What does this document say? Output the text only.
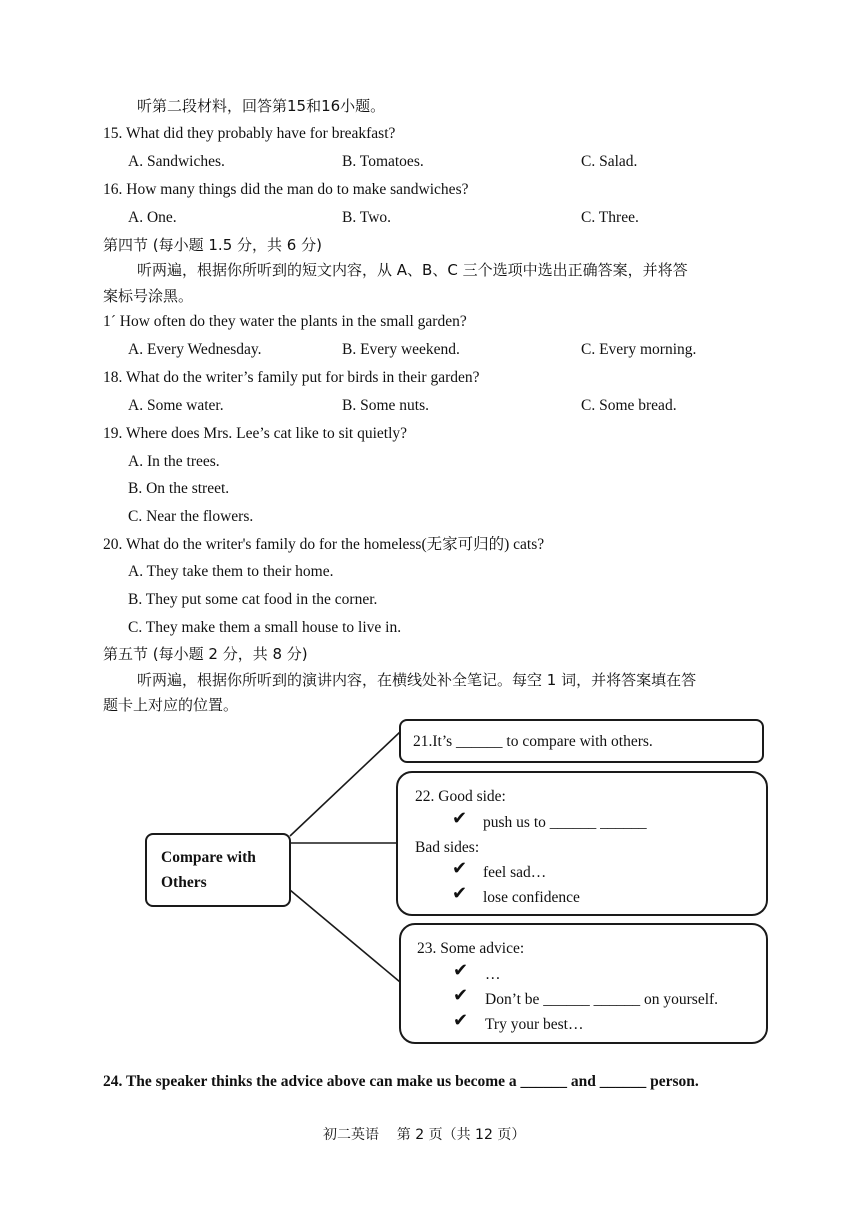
听第二段材料，回答第15和16小题。
15. What did they probably have for breakfast?
A. Sandwiches.	B. Tomatoes.	C. Salad.
16. How many things did the man do to make sandwiches?
A. One.	B. Two.	C. Three.
第四节 (每小题 1.5 分，共 6 分)
听两遍，根据你所听到的短文内容，从 A、B、C 三个选项中选出正确答案，并将答
案标号涂黑。
1ˊ How often do they water the plants in the small garden?
A. Every Wednesday.	B. Every weekend.	C. Every morning.
18. What do the writer’s family put for birds in their garden?
A. Some water.	B. Some nuts.	C. Some bread.
19. Where does Mrs. Lee’s cat like to sit quietly?
A. In the trees.
B. On the street.
C. Near the flowers.
20. What do the writer's family do for the homeless(无家可归的) cats?
A. They take them to their home.
B. They put some cat food in the corner.
C. They make them a small house to live in.
第五节 (每小题 2 分，共 8 分)
听两遍，根据你所听到的演讲内容，在横线处补全笔记。每空 1 词，并将答案填在答
题卡上对应的位置。
Compare with
Others
21.It’s ______ to compare with others.
22. Good side:
✔ push us to ______ ______
Bad sides:
✔ feel sad…
✔ lose confidence
23. Some advice:
✔ …
✔ Don’t be ______ ______ on yourself.
✔ Try your best…
24. The speaker thinks the advice above can make us become a ______ and ______ person.
初二英语    第 2 页（共 12 页）
